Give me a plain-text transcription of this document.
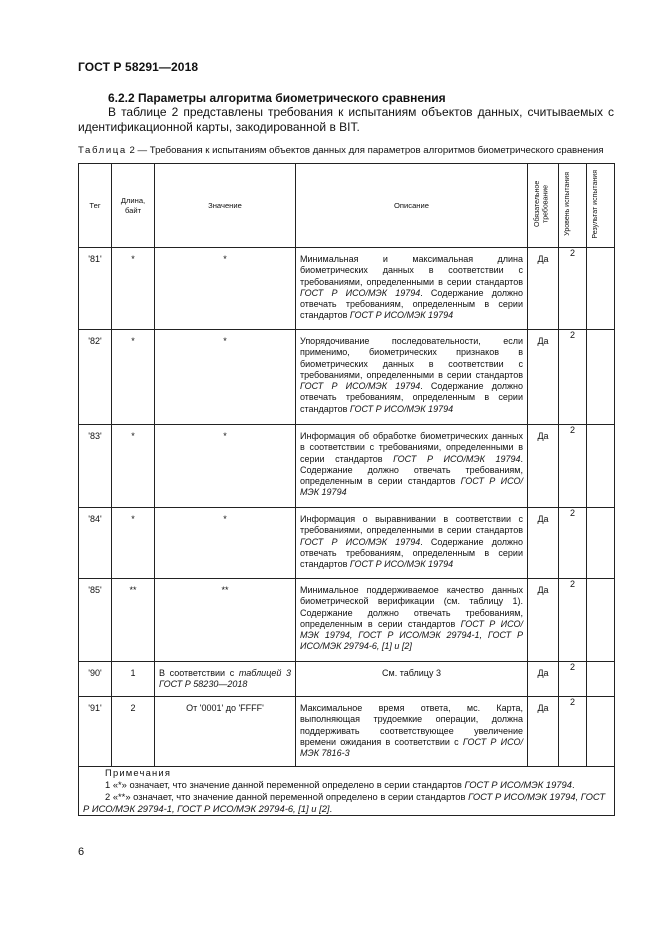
ГОСТ Р 58291—2018
6.2.2 Параметры алгоритма биометрического сравнения
В таблице 2 представлены требования к испытаниям объектов данных, считываемых с идентификационной карты, закодированной в BIT.
Таблица 2 — Требования к испытаниям объектов данных для параметров алгоритмов биометрического сравнения
Тег	Длина, байт	Значение	Описание	Обязательное требование	Уровень испытания	Результат испытания
'81'	*	*	Минимальная и максимальная длина биометрических данных в соответствии с требованиями, определенными в серии стандартов ГОСТ Р ИСО/МЭК 19794. Содержание должно отвечать требованиям, определенным в серии стандартов ГОСТ Р ИСО/МЭК 19794	Да	2	
'82'	*	*	Упорядочивание последовательности, если применимо, биометрических признаков в биометрических данных в соответствии с требованиями, определенными в серии стандартов ГОСТ Р ИСО/МЭК 19794. Содержание должно отвечать требованиям, определенным в серии стандартов ГОСТ Р ИСО/МЭК 19794	Да	2	
'83'	*	*	Информация об обработке биометрических данных в соответствии с требованиями, определенными в серии стандартов ГОСТ Р ИСО/МЭК 19794. Содержание должно отвечать требованиям, определенным в серии стандартов ГОСТ Р ИСО/МЭК 19794	Да	2	
'84'	*	*	Информация о выравнивании в соответствии с требованиями, определенными в серии стандартов ГОСТ Р ИСО/МЭК 19794. Содержание должно отвечать требованиям, определенным в серии стандартов ГОСТ Р ИСО/МЭК 19794	Да	2	
'85'	**	**	Минимальное поддерживаемое качество данных биометрической верификации (см. таблицу 1). Содержание должно отвечать требованиям, определенным в серии стандартов ГОСТ Р ИСО/МЭК 19794, ГОСТ Р ИСО/МЭК 29794-1, ГОСТ Р ИСО/МЭК 29794-6, [1] и [2]	Да	2	
'90'	1	В соответствии с таблицей 3 ГОСТ Р 58230—2018	См. таблицу 3	Да	2	
'91'	2	От '0001' до 'FFFF'	Максимальное время ответа, мс. Карта, выполняющая трудоемкие операции, должна поддерживать соответствующее увеличение времени ожидания в соответствии с ГОСТ Р ИСО/МЭК 7816-3	Да	2	

Примечания
1 «*» означает, что значение данной переменной определено в серии стандартов ГОСТ Р ИСО/МЭК 19794.
2 «**» означает, что значение данной переменной определено в серии стандартов ГОСТ Р ИСО/МЭК 19794, ГОСТ Р ИСО/МЭК 29794-1, ГОСТ Р ИСО/МЭК 29794-6, [1] и [2].						
6
